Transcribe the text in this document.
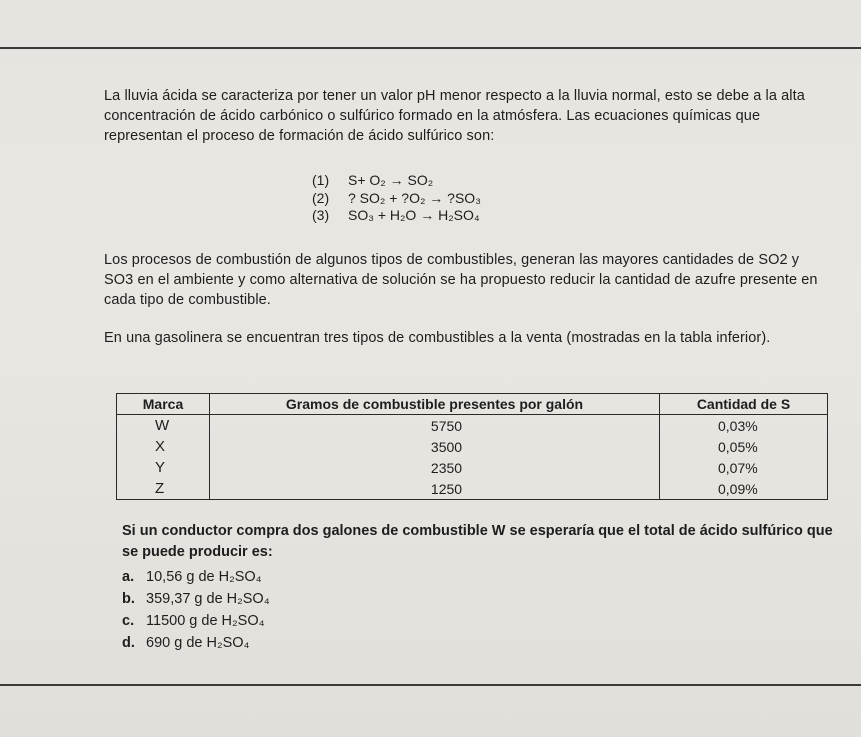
La lluvia ácida se caracteriza por tener un valor pH menor respecto a la lluvia normal, esto se debe a la alta concentración de ácido carbónico o sulfúrico formado en la atmósfera. Las ecuaciones químicas que representan el proceso de formación de ácido sulfúrico son:
(1)	S+ O₂ → SO₂
(2)	? SO₂ + ?O₂ → ?SO₃
(3)	SO₃ + H₂O → H₂SO₄
Los procesos de combustión de algunos tipos de combustibles, generan las mayores cantidades de SO2 y SO3 en el ambiente y como alternativa de solución se ha propuesto reducir la cantidad de azufre presente en cada tipo de combustible.
En una gasolinera se encuentran tres tipos de combustibles a la venta (mostradas en la tabla inferior).
Marca	Gramos de combustible presentes por galón	Cantidad de S
W	5750	0,03%
X	3500	0,05%
Y	2350	0,07%
Z	1250	0,09%
Si un conductor compra dos galones de combustible W se esperaría que el total de ácido sulfúrico que se puede producir es:
a. 10,56 g de H₂SO₄
b. 359,37 g de H₂SO₄
c. 11500 g de H₂SO₄
d. 690 g de H₂SO₄
